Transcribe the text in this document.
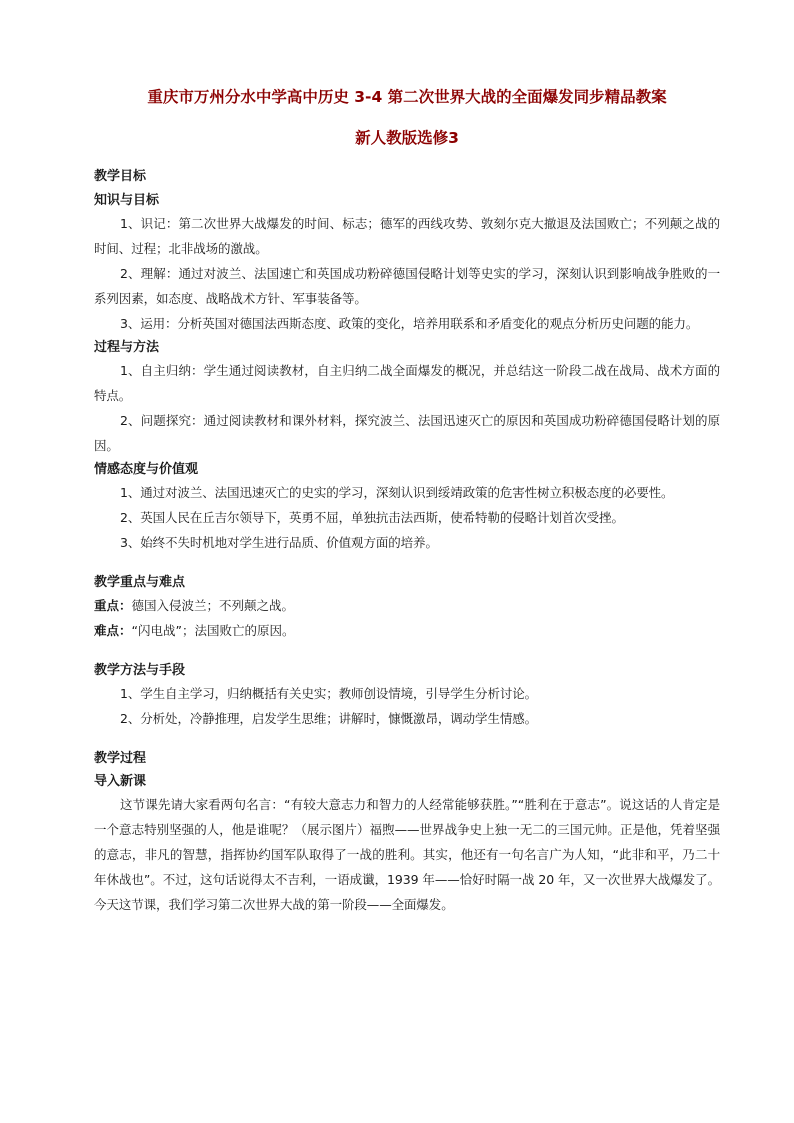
重庆市万州分水中学高中历史 3-4 第二次世界大战的全面爆发同步精品教案

新人教版选修3

教学目标

知识与目标

1、识记：第二次世界大战爆发的时间、标志；德军的西线攻势、敦刻尔克大撤退及法国败亡；不列颠之战的时间、过程；北非战场的激战。

2、理解：通过对波兰、法国速亡和英国成功粉碎德国侵略计划等史实的学习，深刻认识到影响战争胜败的一系列因素，如态度、战略战术方针、军事装备等。

3、运用：分析英国对德国法西斯态度、政策的变化，培养用联系和矛盾变化的观点分析历史问题的能力。

过程与方法

1、自主归纳：学生通过阅读教材，自主归纳二战全面爆发的概况，并总结这一阶段二战在战局、战术方面的特点。

2、问题探究：通过阅读教材和课外材料，探究波兰、法国迅速灭亡的原因和英国成功粉碎德国侵略计划的原因。

情感态度与价值观

1、通过对波兰、法国迅速灭亡的史实的学习，深刻认识到绥靖政策的危害性树立积极态度的必要性。

2、英国人民在丘吉尔领导下，英勇不屈，单独抗击法西斯，使希特勒的侵略计划首次受挫。

3、始终不失时机地对学生进行品质、价值观方面的培养。

教学重点与难点

重点：德国入侵波兰；不列颠之战。

难点：“闪电战”；法国败亡的原因。

教学方法与手段

1、学生自主学习，归纳概括有关史实；教师创设情境，引导学生分析讨论。

2、分析处，冷静推理，启发学生思维；讲解时，慷慨激昂，调动学生情感。

教学过程

导入新课

这节课先请大家看两句名言：“有较大意志力和智力的人经常能够获胜。”“胜利在于意志”。说这话的人肯定是一个意志特别坚强的人，他是谁呢？（展示图片）福煦——世界战争史上独一无二的三国元帅。正是他，凭着坚强的意志，非凡的智慧，指挥协约国军队取得了一战的胜利。其实，他还有一句名言广为人知，“此非和平，乃二十年休战也”。不过，这句话说得太不吉利，一语成谶，1939 年——恰好时隔一战 20 年，又一次世界大战爆发了。今天这节课，我们学习第二次世界大战的第一阶段——全面爆发。
